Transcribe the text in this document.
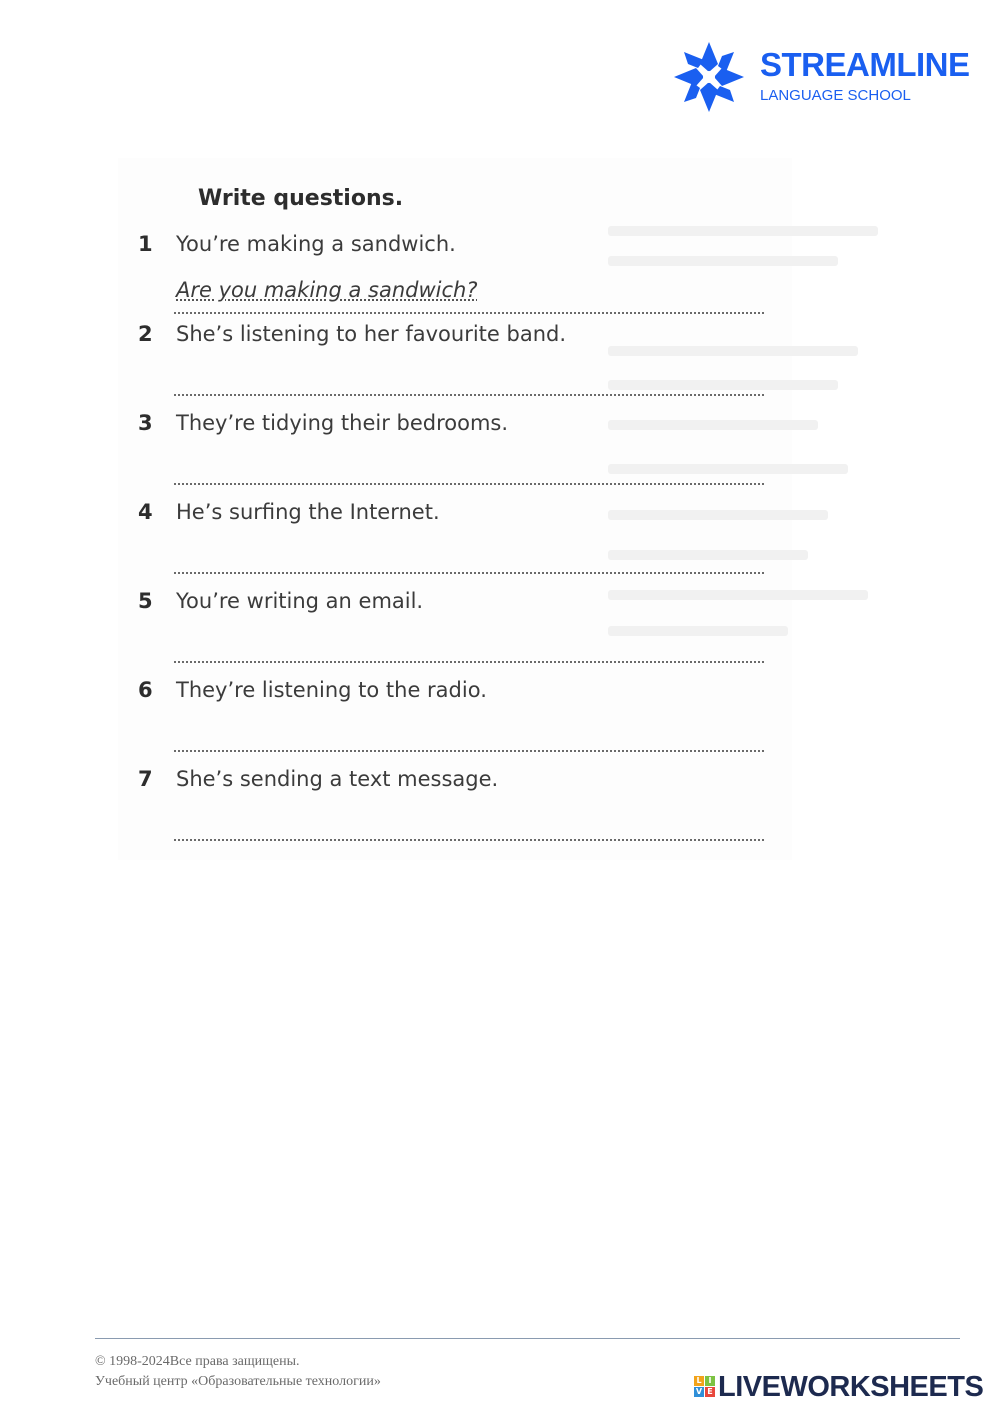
STREAMLINE
LANGUAGE SCHOOL
Write questions.
1 You’re making a sandwich.
Are you making a sandwich?
2 She’s listening to her favourite band.
3 They’re tidying their bedrooms.
4 He’s surfing the Internet.
5 You’re writing an email.
6 They’re listening to the radio.
7 She’s sending a text message.
© 1998-2024Все права защищены.
Учебный центр «Образовательные технологии»	L I
V E LIVEWORKSHEETS
